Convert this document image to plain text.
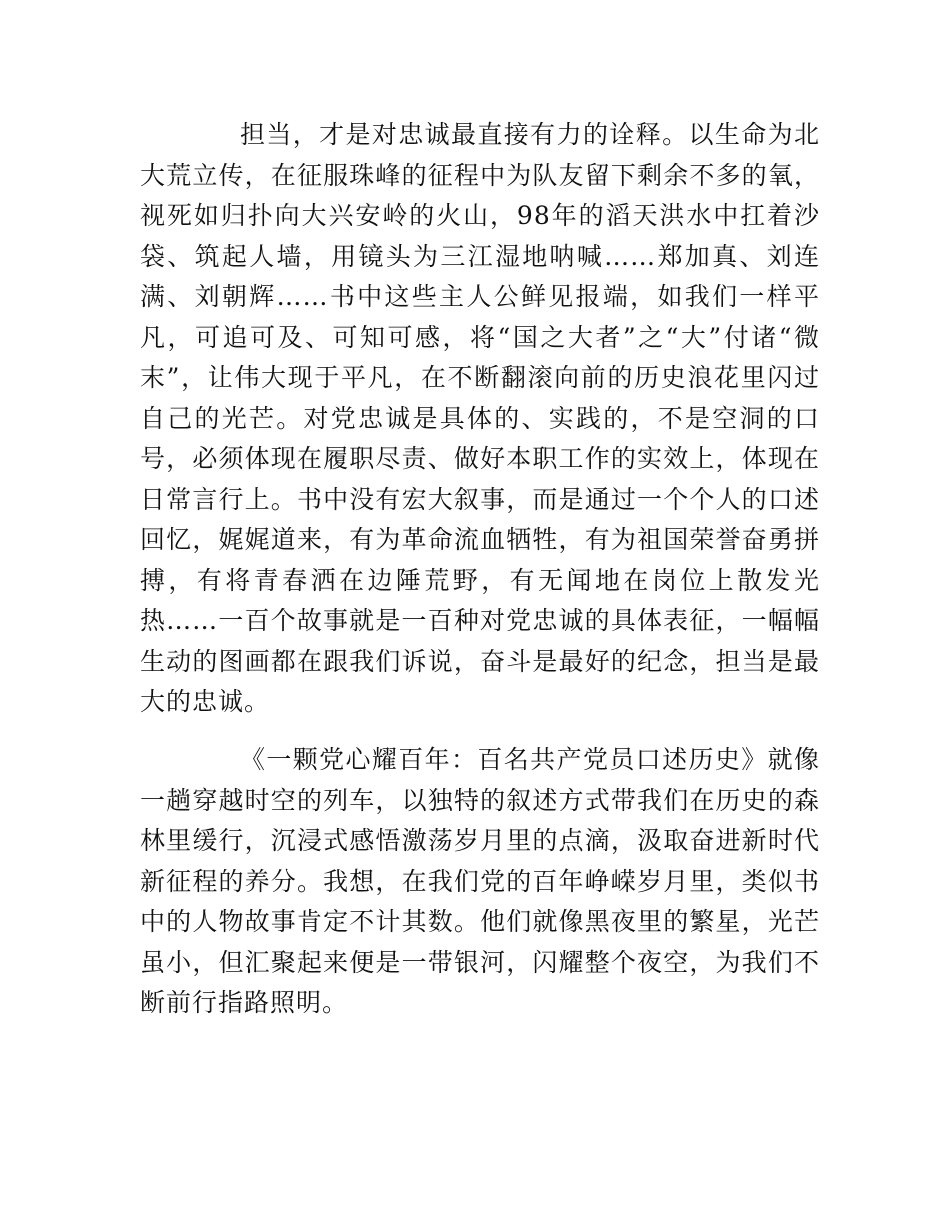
担当，才是对忠诚最直接有力的诠释。以生命为北大荒立传，在征服珠峰的征程中为队友留下剩余不多的氧，视死如归扑向大兴安岭的火山，98年的滔天洪水中扛着沙袋、筑起人墙，用镜头为三江湿地呐喊……郑加真、刘连满、刘朝辉……书中这些主人公鲜见报端，如我们一样平凡，可追可及、可知可感，将“国之大者”之“大”付诸“微末”，让伟大现于平凡，在不断翻滚向前的历史浪花里闪过自己的光芒。对党忠诚是具体的、实践的，不是空洞的口号，必须体现在履职尽责、做好本职工作的实效上，体现在日常言行上。书中没有宏大叙事，而是通过一个个人的口述回忆，娓娓道来，有为革命流血牺牲，有为祖国荣誉奋勇拼搏，有将青春洒在边陲荒野，有无闻地在岗位上散发光热……一百个故事就是一百种对党忠诚的具体表征，一幅幅生动的图画都在跟我们诉说，奋斗是最好的纪念，担当是最大的忠诚。

《一颗党心耀百年：百名共产党员口述历史》就像一趟穿越时空的列车，以独特的叙述方式带我们在历史的森林里缓行，沉浸式感悟激荡岁月里的点滴，汲取奋进新时代新征程的养分。我想，在我们党的百年峥嵘岁月里，类似书中的人物故事肯定不计其数。他们就像黑夜里的繁星，光芒虽小，但汇聚起来便是一带银河，闪耀整个夜空，为我们不断前行指路照明。
